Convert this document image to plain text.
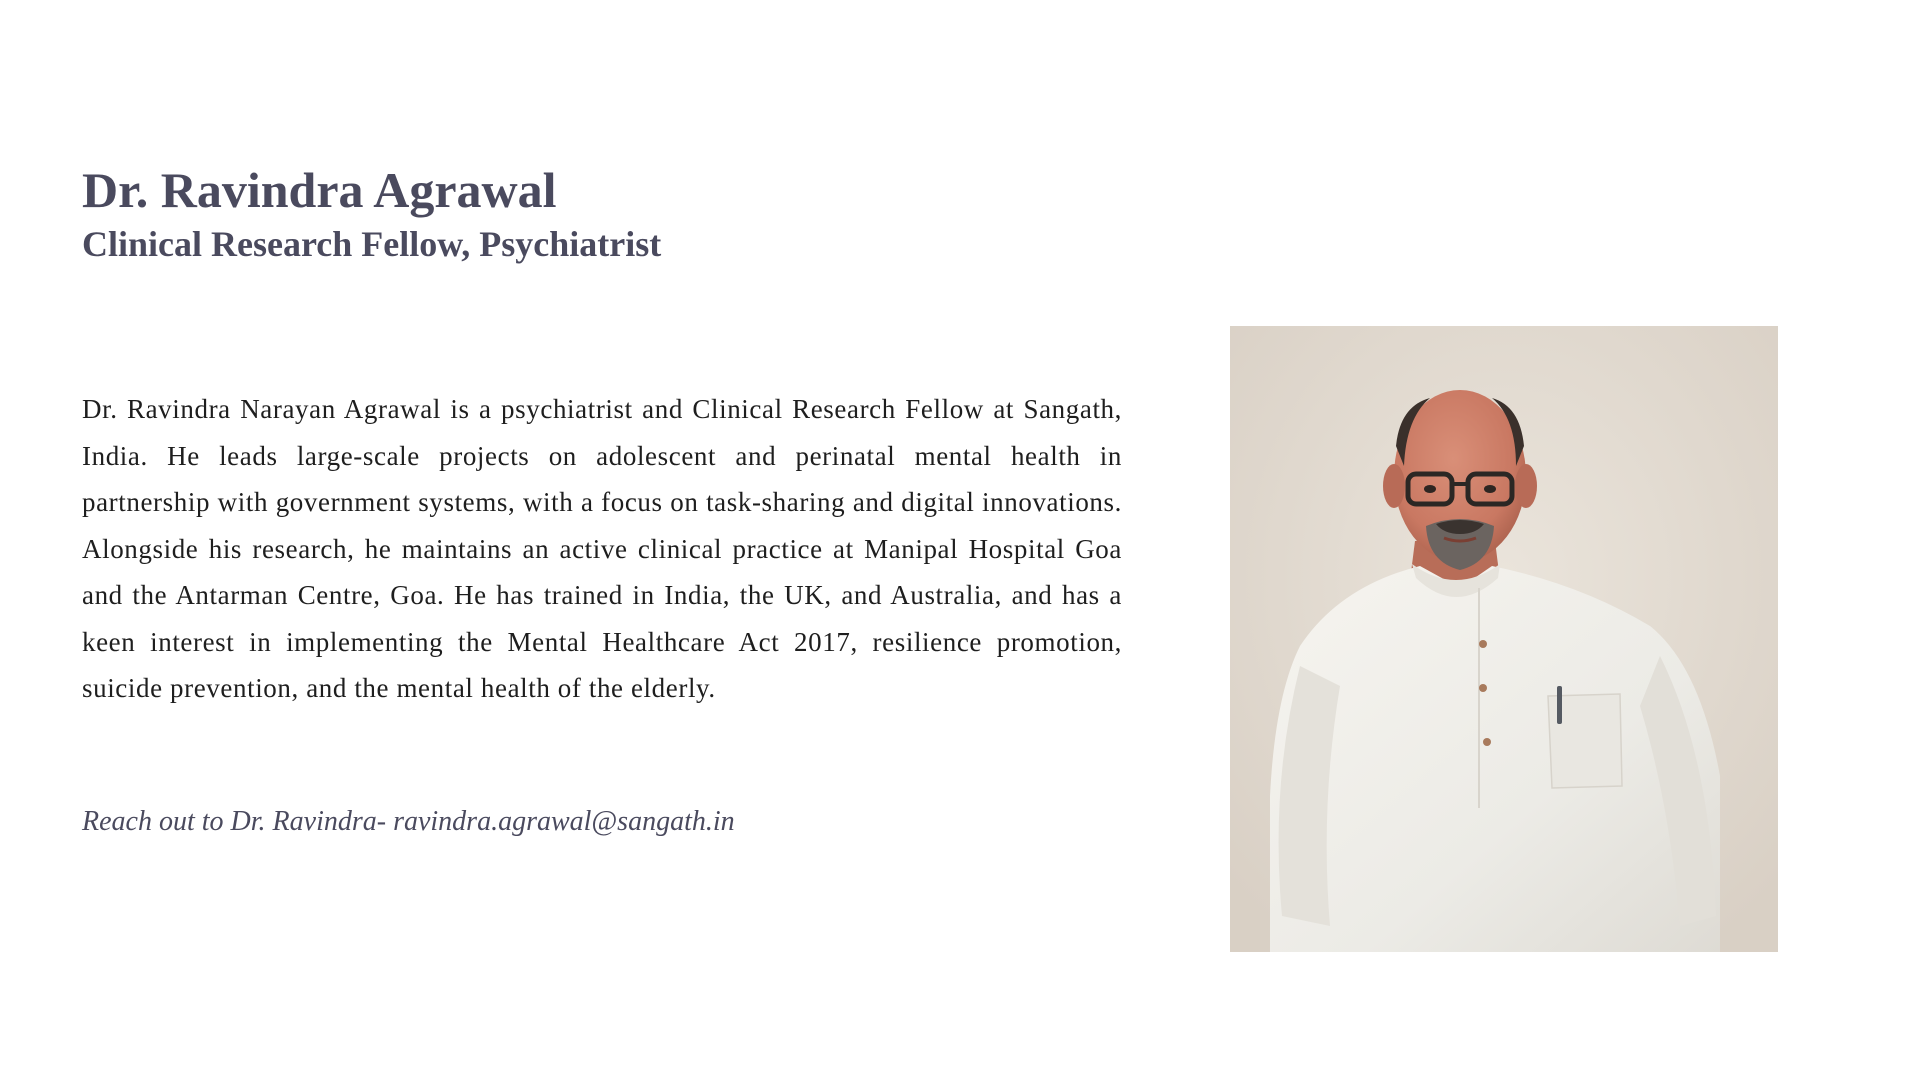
Dr. Ravindra Agrawal
Clinical Research Fellow, Psychiatrist

Dr. Ravindra Narayan Agrawal is a psychiatrist and Clinical Research Fellow at Sangath, India. He leads large-scale projects on adolescent and perinatal mental health in partnership with government systems, with a focus on task-sharing and digital innovations. Alongside his research, he maintains an active clinical practice at Manipal Hospital Goa and the Antarman Centre, Goa. He has trained in India, the UK, and Australia, and has a keen interest in implementing the Mental Healthcare Act 2017, resilience promotion, suicide prevention, and the mental health of the elderly.

Reach out to Dr. Ravindra- ravindra.agrawal@sangath.in
